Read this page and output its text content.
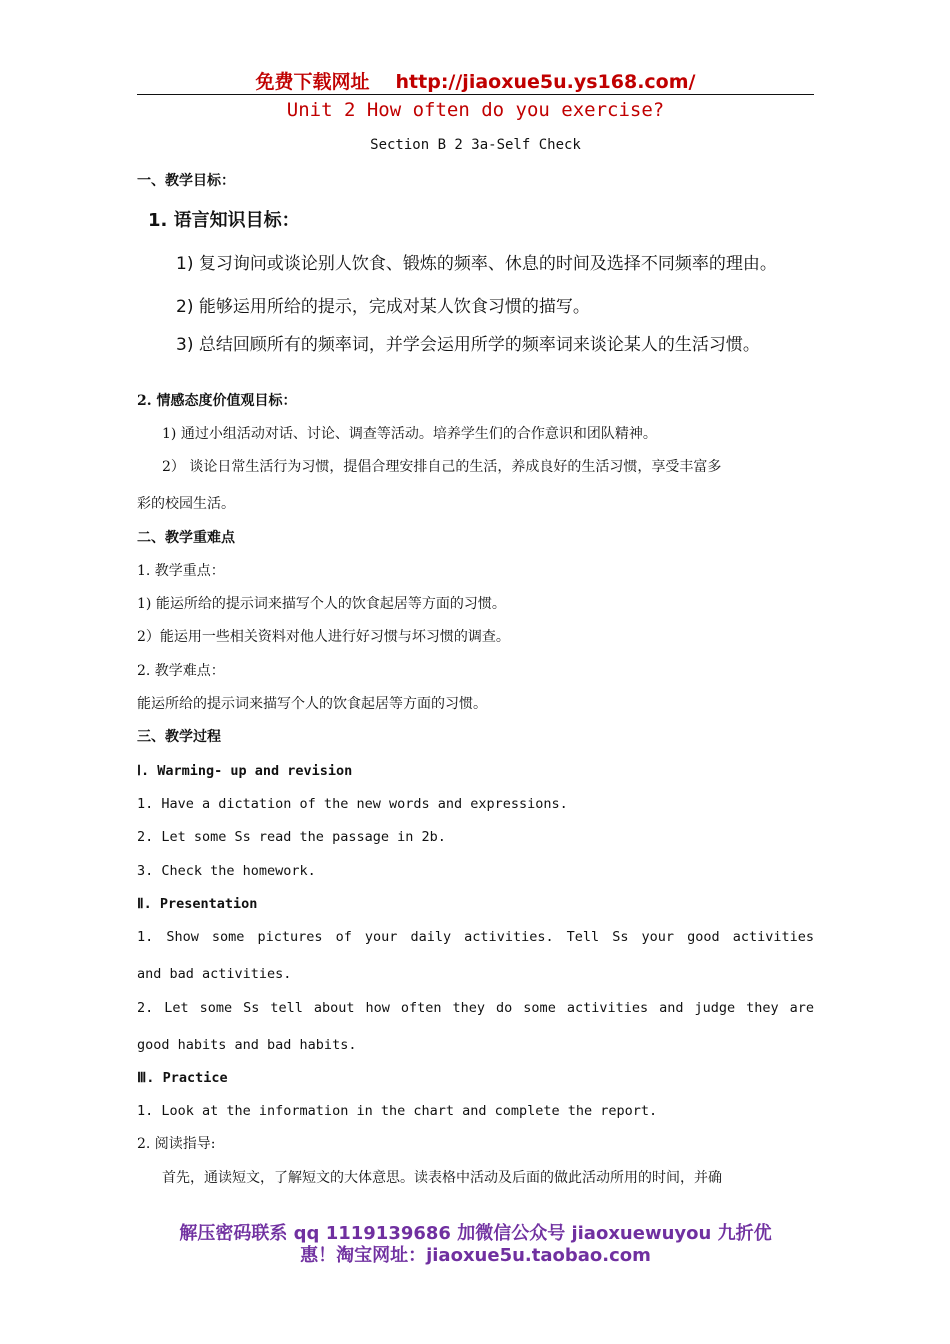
免费下载网址 http://jiaoxue5u.ys168.com/
Unit 2 How often do you exercise?
Section B 2 3a-Self Check
一、教学目标：
1. 语言知识目标：
1) 复习询问或谈论别人饮食、锻炼的频率、休息的时间及选择不同频率的理由。
2) 能够运用所给的提示，完成对某人饮食习惯的描写。
3) 总结回顾所有的频率词，并学会运用所学的频率词来谈论某人的生活习惯。
2. 情感态度价值观目标：
1) 通过小组活动对话、讨论、调查等活动。培养学生们的合作意识和团队精神。
2） 谈论日常生活行为习惯，提倡合理安排自己的生活，养成良好的生活习惯，享受丰富多
彩的校园生活。
二、教学重难点
1. 教学重点：
1) 能运所给的提示词来描写个人的饮食起居等方面的习惯。
2）能运用一些相关资料对他人进行好习惯与坏习惯的调查。
2. 教学难点：
能运所给的提示词来描写个人的饮食起居等方面的习惯。
三、教学过程
Ⅰ. Warming- up and revision
1. Have a dictation of the new words and expressions.
2. Let some Ss read the passage in 2b.
3. Check the homework.
Ⅱ. Presentation
1. Show some pictures of your daily activities. Tell Ss your good activities
and bad activities.
2. Let some Ss tell about how often they do some activities and judge they are
good habits and bad habits.
Ⅲ. Practice
1. Look at the information in the chart and complete the report.
2. 阅读指导:
首先，通读短文，了解短文的大体意思。读表格中活动及后面的做此活动所用的时间，并确
解压密码联系 qq 1119139686 加微信公众号 jiaoxuewuyou 九折优
惠！淘宝网址：jiaoxue5u.taobao.com
